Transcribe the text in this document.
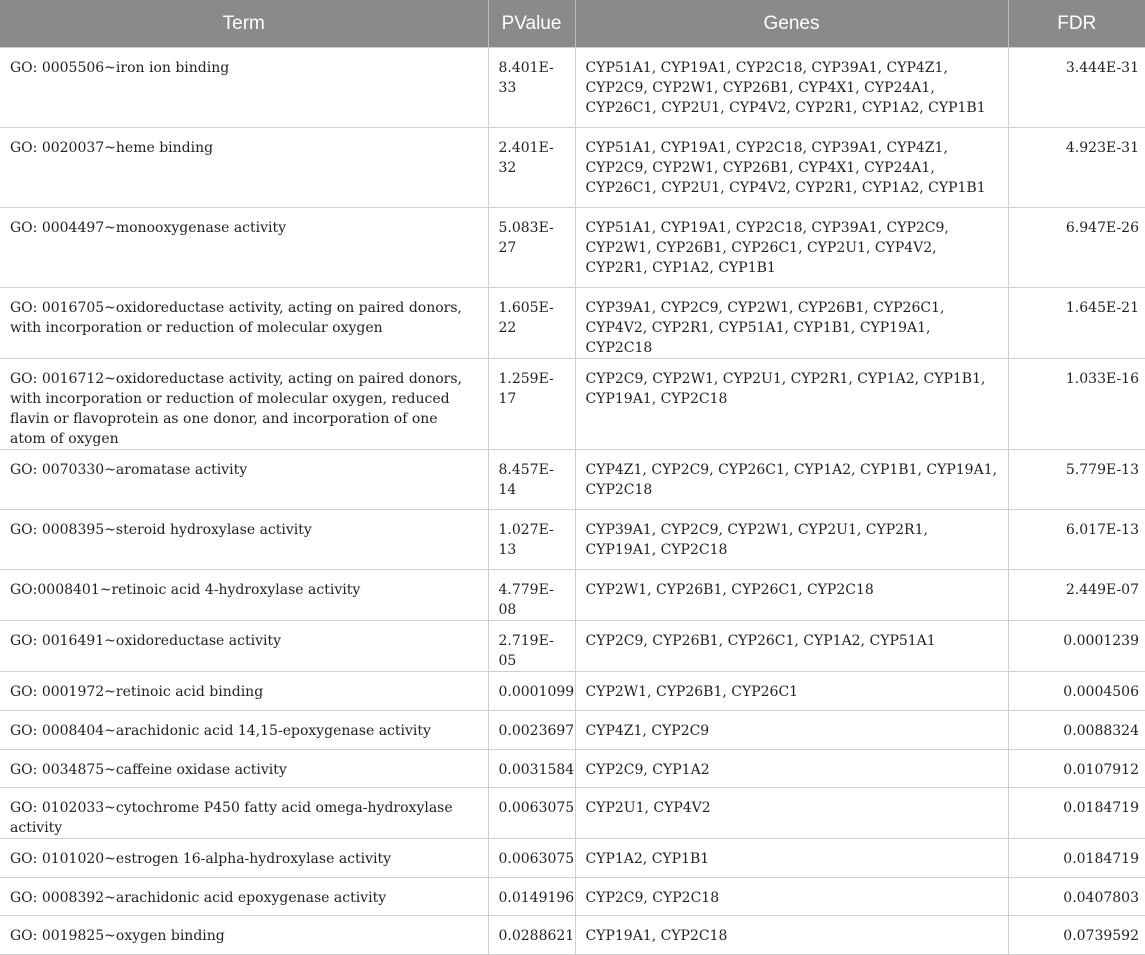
Term	PValue	Genes	FDR
GO: 0005506~iron ion binding	8.401E-33	CYP51A1, CYP19A1, CYP2C18, CYP39A1, CYP4Z1, CYP2C9, CYP2W1, CYP26B1, CYP4X1, CYP24A1, CYP26C1, CYP2U1, CYP4V2, CYP2R1, CYP1A2, CYP1B1	3.444E-31
GO: 0020037~heme binding	2.401E-32	CYP51A1, CYP19A1, CYP2C18, CYP39A1, CYP4Z1, CYP2C9, CYP2W1, CYP26B1, CYP4X1, CYP24A1, CYP26C1, CYP2U1, CYP4V2, CYP2R1, CYP1A2, CYP1B1	4.923E-31
GO: 0004497~monooxygenase activity	5.083E-27	CYP51A1, CYP19A1, CYP2C18, CYP39A1, CYP2C9, CYP2W1, CYP26B1, CYP26C1, CYP2U1, CYP4V2, CYP2R1, CYP1A2, CYP1B1	6.947E-26
GO: 0016705~oxidoreductase activity, acting on paired donors, with incorporation or reduction of molecular oxygen	1.605E-22	CYP39A1, CYP2C9, CYP2W1, CYP26B1, CYP26C1, CYP4V2, CYP2R1, CYP51A1, CYP1B1, CYP19A1, CYP2C18	1.645E-21
GO: 0016712~oxidoreductase activity, acting on paired donors, with incorporation or reduction of molecular oxygen, reduced flavin or flavoprotein as one donor, and incorporation of one atom of oxygen	1.259E-17	CYP2C9, CYP2W1, CYP2U1, CYP2R1, CYP1A2, CYP1B1, CYP19A1, CYP2C18	1.033E-16
GO: 0070330~aromatase activity	8.457E-14	CYP4Z1, CYP2C9, CYP26C1, CYP1A2, CYP1B1, CYP19A1, CYP2C18	5.779E-13
GO: 0008395~steroid hydroxylase activity	1.027E-13	CYP39A1, CYP2C9, CYP2W1, CYP2U1, CYP2R1, CYP19A1, CYP2C18	6.017E-13
GO:0008401~retinoic acid 4-hydroxylase activity	4.779E-08	CYP2W1, CYP26B1, CYP26C1, CYP2C18	2.449E-07
GO: 0016491~oxidoreductase activity	2.719E-05	CYP2C9, CYP26B1, CYP26C1, CYP1A2, CYP51A1	0.0001239
GO: 0001972~retinoic acid binding	0.0001099	CYP2W1, CYP26B1, CYP26C1	0.0004506
GO: 0008404~arachidonic acid 14,15-epoxygenase activity	0.0023697	CYP4Z1, CYP2C9	0.0088324
GO: 0034875~caffeine oxidase activity	0.0031584	CYP2C9, CYP1A2	0.0107912
GO: 0102033~cytochrome P450 fatty acid omega-hydroxylase activity	0.0063075	CYP2U1, CYP4V2	0.0184719
GO: 0101020~estrogen 16-alpha-hydroxylase activity	0.0063075	CYP1A2, CYP1B1	0.0184719
GO: 0008392~arachidonic acid epoxygenase activity	0.0149196	CYP2C9, CYP2C18	0.0407803
GO: 0019825~oxygen binding	0.0288621	CYP19A1, CYP2C18	0.0739592
